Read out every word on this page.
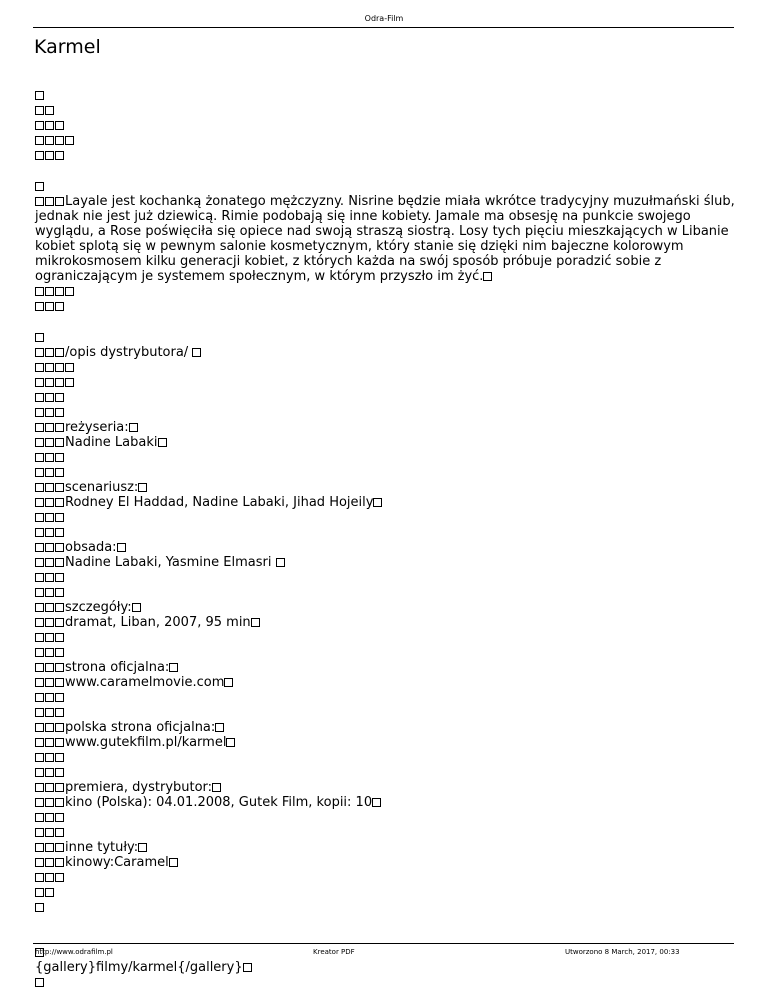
Odra-Film
Karmel
Layale jest kochanką żonatego mężczyzny. Nisrine będzie miała wkrótce tradycyjny muzułmański ślub, jednak nie jest już dziewicą. Rimie podobają się inne kobiety. Jamale ma obsesję na punkcie swojego wyglądu, a Rose poświęciła się opiece nad swoją straszą siostrą. Losy tych pięciu mieszkających w Libanie kobiet splotą się w pewnym salonie kosmetycznym, który stanie się dzięki nim bajeczne kolorowym mikrokosmosem kilku generacji kobiet, z których każda na swój sposób próbuje poradzić sobie z ograniczającym je systemem społecznym, w którym przyszło im żyć.
/opis dystrybutora/
reżyseria:
Nadine Labaki
scenariusz:
Rodney El Haddad, Nadine Labaki, Jihad Hojeily
obsada:
Nadine Labaki, Yasmine Elmasri
szczegóły:
dramat, Liban, 2007, 95 min
strona oficjalna:
www.caramelmovie.com
polska strona oficjalna:
www.gutekfilm.pl/karmel
premiera, dystrybutor:
kino (Polska): 04.01.2008, Gutek Film, kopii: 10
inne tytuły:
kinowy:Caramel
{gallery}filmy/karmel{/gallery}
http://www.odrafilm.pl	Kreator PDF	Utworzono 8 March, 2017, 00:33
